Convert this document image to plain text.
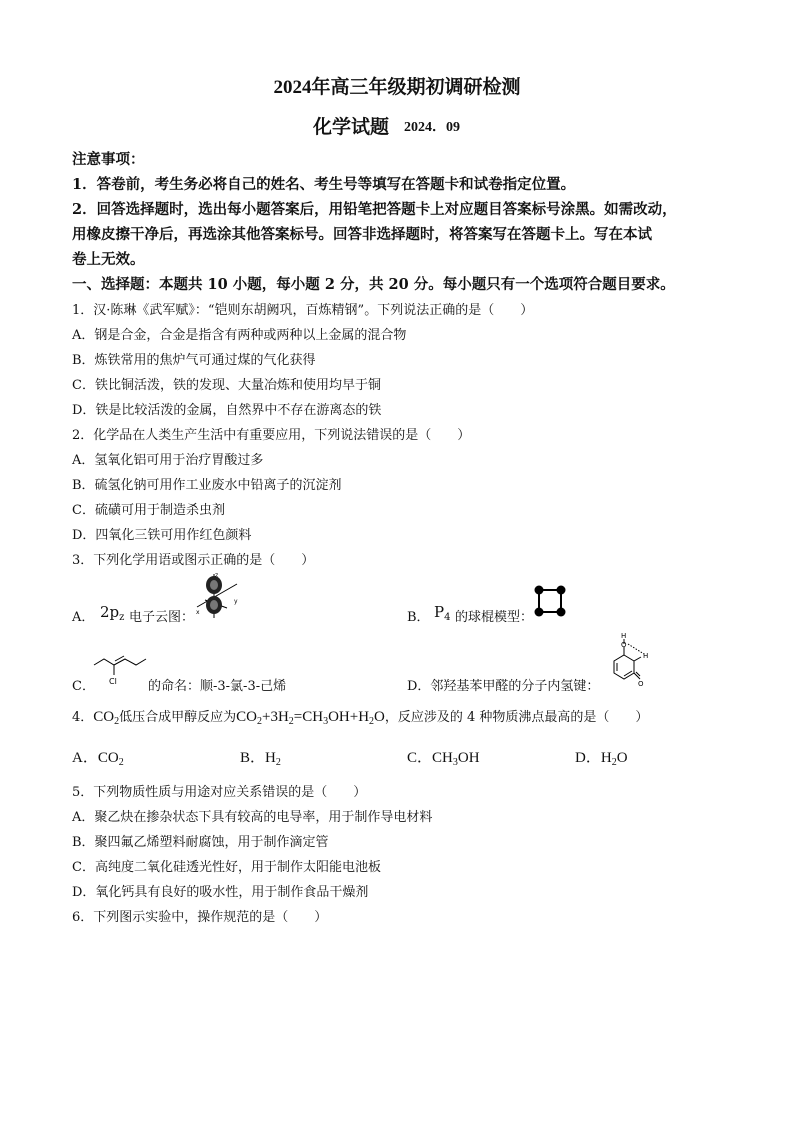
2024年高三年级期初调研检测
化学试题 2024．09
注意事项：
1．答卷前，考生务必将自己的姓名、考生号等填写在答题卡和试卷指定位置。
2．回答选择题时，选出每小题答案后，用铅笔把答题卡上对应题目答案标号涂黑。如需改动，
用橡皮擦干净后，再选涂其他答案标号。回答非选择题时，将答案写在答题卡上。写在本试
卷上无效。
一、选择题：本题共 10 小题，每小题 2 分，共 20 分。每小题只有一个选项符合题目要求。
1．汉·陈琳《武军赋》：“铠则东胡阙巩，百炼精钢”。下列说法正确的是（　　）
A．钢是合金，合金是指含有两种或两种以上金属的混合物
B．炼铁常用的焦炉气可通过煤的气化获得
C．铁比铜活泼，铁的发现、大量冶炼和使用均早于铜
D．铁是比较活泼的金属，自然界中不存在游离态的铁
2．化学品在人类生产生活中有重要应用，下列说法错误的是（　　）
A．氢氧化铝可用于治疗胃酸过多
B．硫氢化钠可用作工业废水中铅离子的沉淀剂
C．硫磺可用于制造杀虫剂
D．四氧化三铁可用作红色颜料
3．下列化学用语或图示正确的是（　　）
A． $2p_z$ 电子云图：
z
x
y
B． $P_4$ 的球棍模型：
C． Cl 的命名：顺-3-氯-3-己烯	D．邻羟基苯甲醛的分子内氢键：
H
O
H
O
4．$CO_2$低压合成甲醇反应为$CO_2+3H_2=CH_3OH+H_2O$，反应涉及的 4 种物质沸点最高的是（　　）
A．$CO_2$	B．$H_2$	C．$CH_3OH$	D．$H_2O$
5．下列物质性质与用途对应关系错误的是（　　）
A．聚乙炔在掺杂状态下具有较高的电导率，用于制作导电材料
B．聚四氟乙烯塑料耐腐蚀，用于制作滴定管
C．高纯度二氧化硅透光性好，用于制作太阳能电池板
D．氧化钙具有良好的吸水性，用于制作食品干燥剂
6．下列图示实验中，操作规范的是（　　）
